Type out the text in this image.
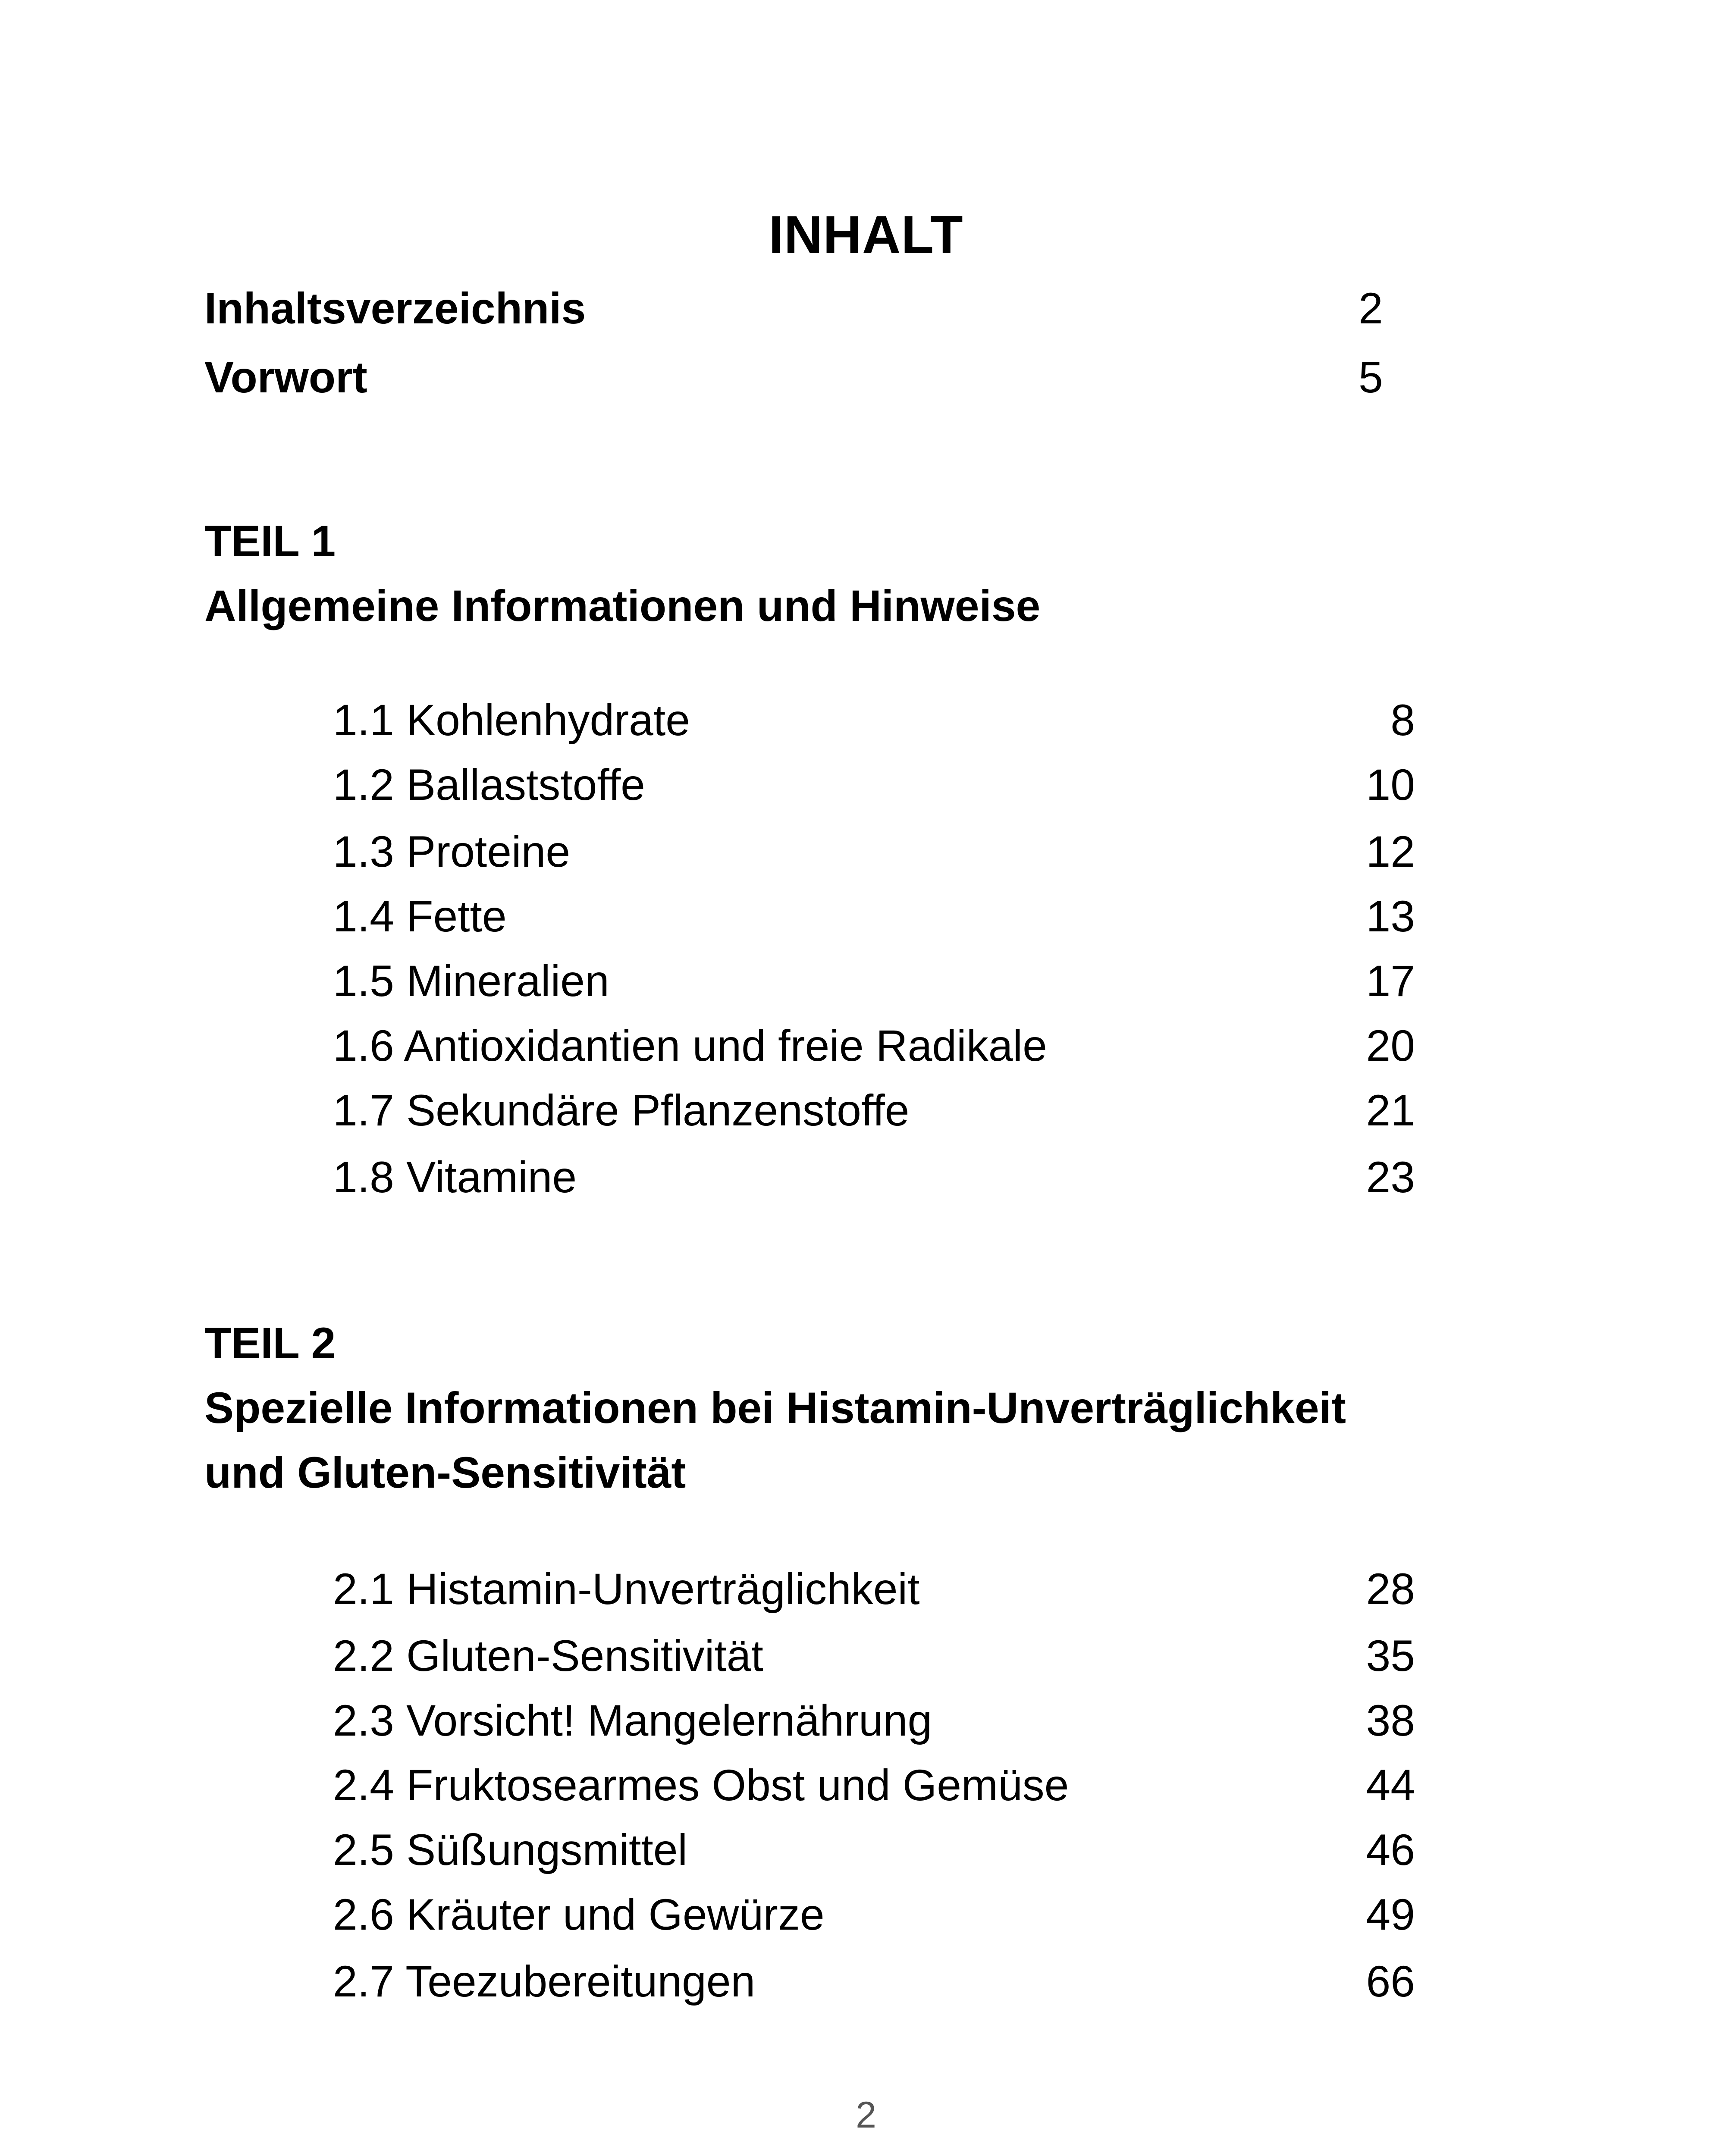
INHALT
Inhaltsverzeichnis	2
Vorwort	5
TEIL 1
Allgemeine Informationen und Hinweise
1.1 Kohlenhydrate	8
1.2 Ballaststoffe	10
1.3 Proteine	12
1.4 Fette	13
1.5 Mineralien	17
1.6 Antioxidantien und freie Radikale	20
1.7 Sekundäre Pflanzenstoffe	21
1.8 Vitamine	23
TEIL 2
Spezielle Informationen bei Histamin-Unverträglichkeit
und Gluten-Sensitivität
2.1 Histamin-Unverträglichkeit	28
2.2 Gluten-Sensitivität	35
2.3 Vorsicht! Mangelernährung	38
2.4 Fruktosearmes Obst und Gemüse	44
2.5 Süßungsmittel	46
2.6 Kräuter und Gewürze	49
2.7 Teezubereitungen	66
2
